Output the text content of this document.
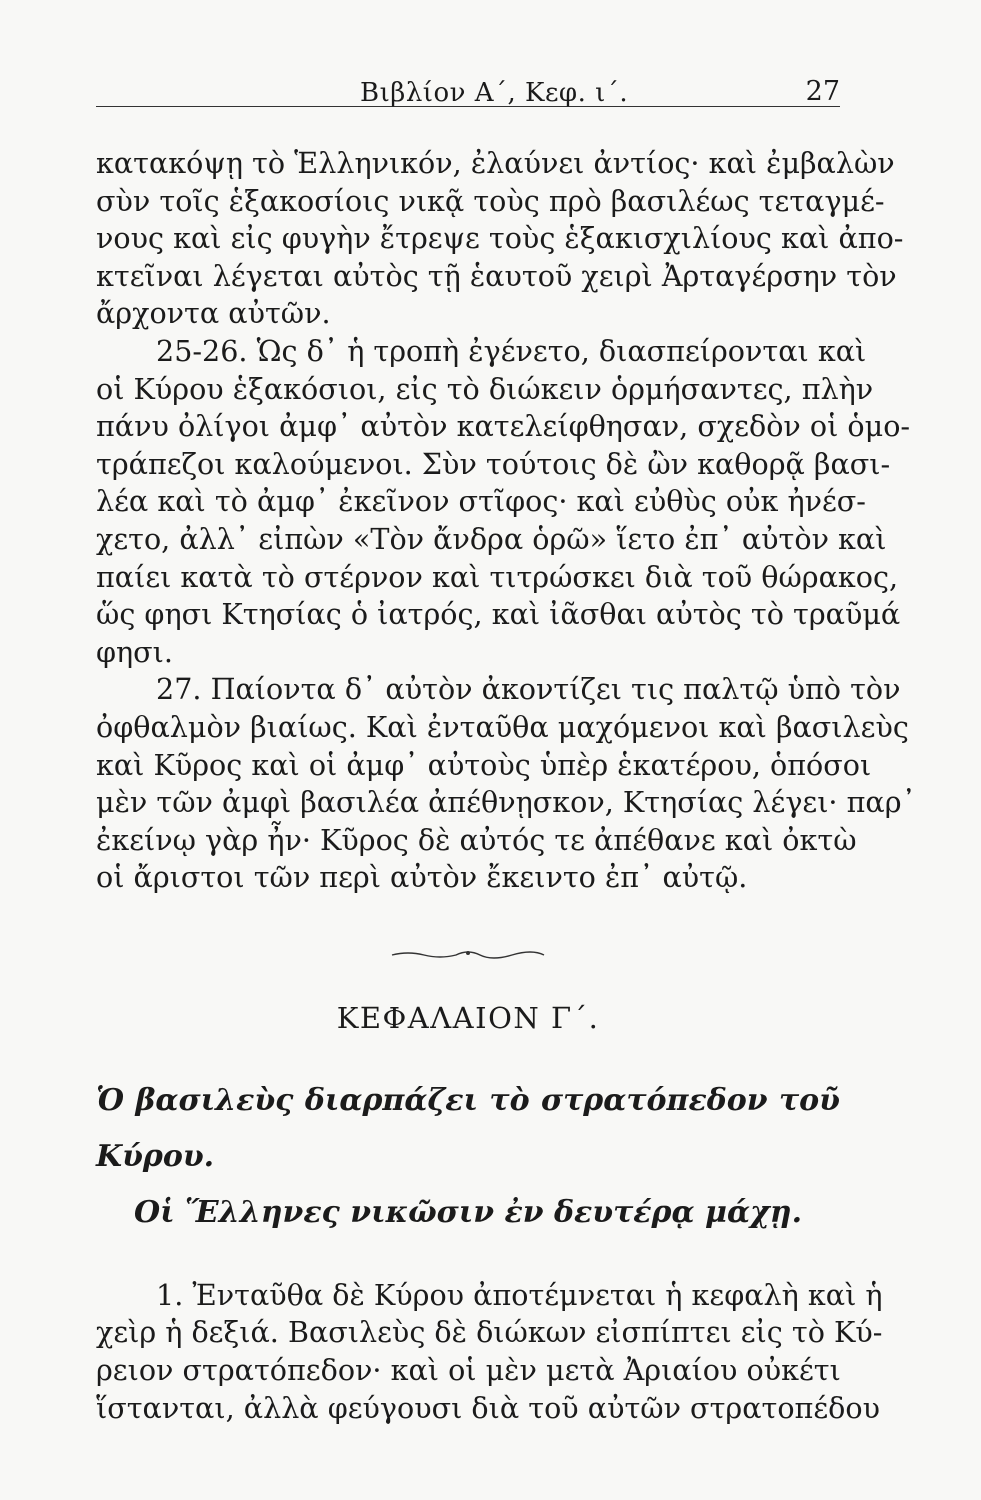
Βιβλίον Α΄, Κεφ. ι΄.	27
κατακόψῃ τὸ Ἑλληνικόν, ἐλαύνει ἀντίος· καὶ ἐμβαλὼν
σὺν τοῖς ἑξακοσίοις νικᾷ τοὺς πρὸ βασιλέως τεταγμέ-
νους καὶ εἰς φυγὴν ἔτρεψε τοὺς ἑξακισχιλίους καὶ ἀπο-
κτεῖναι λέγεται αὐτὸς τῇ ἑαυτοῦ χειρὶ Ἀρταγέρσην τὸν
ἄρχοντα αὐτῶν.
25-26. Ὡς δ᾽ ἡ τροπὴ ἐγένετο, διασπείρονται καὶ
οἱ Κύρου ἑξακόσιοι, εἰς τὸ διώκειν ὁρμήσαντες, πλὴν
πάνυ ὀλίγοι ἀμφ᾽ αὐτὸν κατελείφθησαν, σχεδὸν οἱ ὁμο-
τράπεζοι καλούμενοι. Σὺν τούτοις δὲ ὢν καθορᾷ βασι-
λέα καὶ τὸ ἀμφ᾽ ἐκεῖνον στῖφος· καὶ εὐθὺς οὐκ ἠνέσ-
χετο, ἀλλ᾽ εἰπὼν «Τὸν ἄνδρα ὁρῶ» ἵετο ἐπ᾽ αὐτὸν καὶ
παίει κατὰ τὸ στέρνον καὶ τιτρώσκει διὰ τοῦ θώρακος,
ὥς φησι Κτησίας ὁ ἰατρός, καὶ ἰᾶσθαι αὐτὸς τὸ τραῦμά
φησι.
27. Παίοντα δ᾽ αὐτὸν ἀκοντίζει τις παλτῷ ὑπὸ τὸν
ὀφθαλμὸν βιαίως. Καὶ ἐνταῦθα μαχόμενοι καὶ βασιλεὺς
καὶ Κῦρος καὶ οἱ ἀμφ᾽ αὐτοὺς ὑπὲρ ἑκατέρου, ὁπόσοι
μὲν τῶν ἀμφὶ βασιλέα ἀπέθνῃσκον, Κτησίας λέγει· παρ᾽
ἐκείνῳ γὰρ ἦν· Κῦρος δὲ αὐτός τε ἀπέθανε καὶ ὀκτὼ
οἱ ἄριστοι τῶν περὶ αὐτὸν ἔκειντο ἐπ᾽ αὐτῷ.
ΚΕΦΑΛΑΙΟΝ Γ΄.
Ὁ βασιλεὺς διαρπάζει τὸ στρατόπεδον τοῦ Κύρου.
Οἱ Ἕλληνες νικῶσιν ἐν δευτέρᾳ μάχῃ.
1. Ἐνταῦθα δὲ Κύρου ἀποτέμνεται ἡ κεφαλὴ καὶ ἡ
χεὶρ ἡ δεξιά. Βασιλεὺς δὲ διώκων εἰσπίπτει εἰς τὸ Κύ-
ρειον στρατόπεδον· καὶ οἱ μὲν μετὰ Ἀριαίου οὐκέτι
ἵστανται, ἀλλὰ φεύγουσι διὰ τοῦ αὐτῶν στρατοπέδου
